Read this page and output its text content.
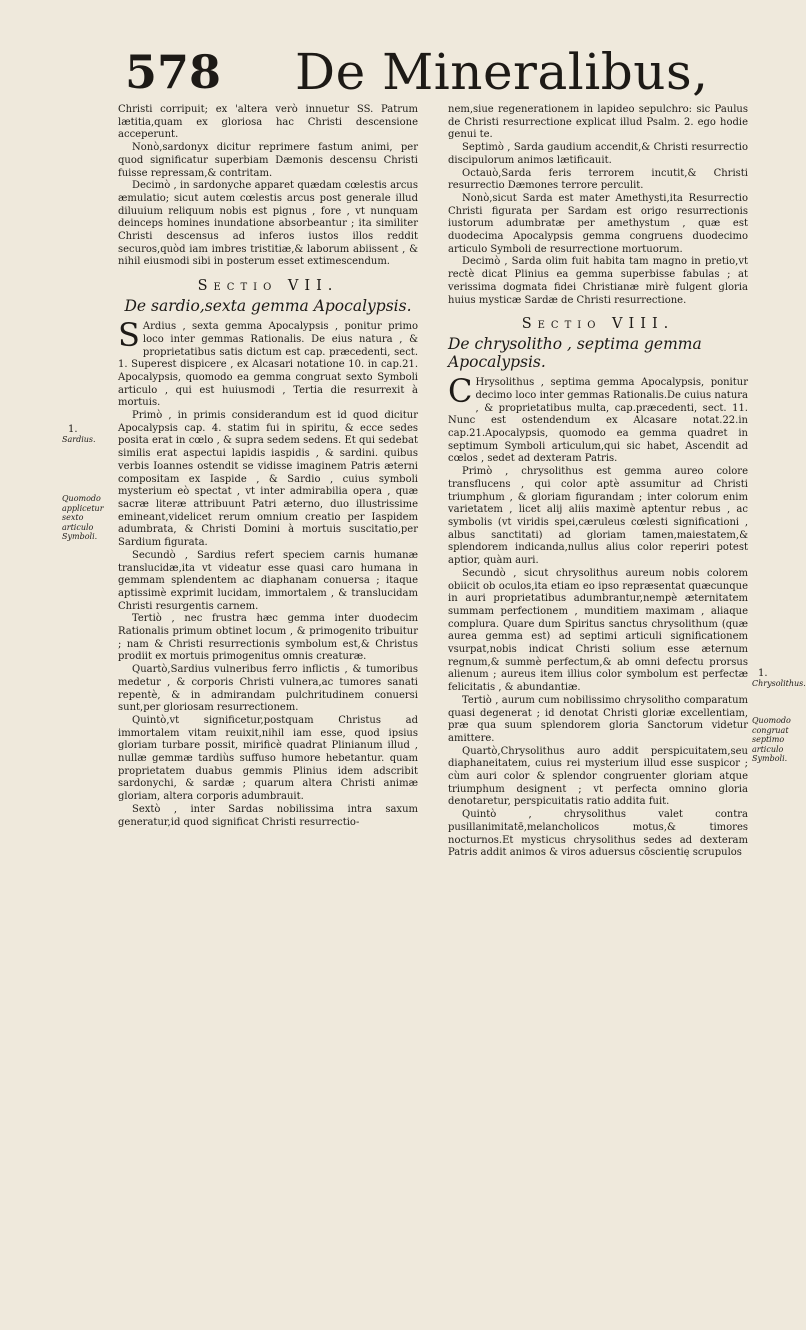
578 De Mineralibus,

Christi corripuit; ex 'altera verò innuetur SS. Patrum lætitia,quam ex gloriosa hac Christi descensione acceperunt.

Nonò,sardonyx dicitur reprimere fastum animi, per quod significatur superbiam Dæmonis descensu Christi fuisse repressam,& contritam.

Decimò , in sardonyche apparet quædam cœlestis arcus æmulatio; sicut autem cœlestis arcus post generale illud diluuium reliquum nobis est pignus , fore , vt nunquam deinceps homines inundatione absorbeantur ; ita similiter Christi descensus ad inferos iustos illos reddit securos,quòd iam imbres tristitiæ,& laborum abiissent , & nihil eiusmodi sibi in posterum esset extimescendum.

Sectio VII.
De sardio,sexta gemma Apocalypsis.

SArdius , sexta gemma Apocalypsis , ponitur primo loco inter gemmas Rationalis. De eius natura , & proprietatibus satis dictum est cap. præcedenti, sect. 1. Superest dispicere , ex Alcasari notatione 10. in cap.21. Apocalypsis, quomodo ea gemma congruat sexto Symboli articulo , qui est huiusmodi , Tertia die resurrexit à mortuis.

Primò , in primis considerandum est id quod dicitur Apocalypsis cap. 4. statim fui in spiritu, & ecce sedes posita erat in cœlo , & supra sedem sedens. Et qui sedebat similis erat aspectui lapidis iaspidis , & sardini. quibus verbis Ioannes ostendit se vidisse imaginem Patris æterni compositam ex Iaspide , & Sardio , cuius symboli mysterium eò spectat , vt inter admirabilia opera , quæ sacræ literæ attribuunt Patri æterno, duo illustrissime emineant,videlicet rerum omnium creatio per Iaspidem adumbrata, & Christi Domini à mortuis suscitatio,per Sardium figurata.

Secundò , Sardius refert speciem carnis humanæ translucidæ,ita vt videatur esse quasi caro humana in gemmam splendentem ac diaphanam conuersa ; itaque aptissimè exprimit lucidam, immortalem , & translucidam Christi resurgentis carnem.

Tertiò , nec frustra hæc gemma inter duodecim Rationalis primum obtinet locum , & primogenito tribuitur ; nam & Christi resurrectionis symbolum est,& Christus prodiit ex mortuis primogenitus omnis creaturæ.

Quartò,Sardius vulneribus ferro inflictis , & tumoribus medetur , & corporis Christi vulnera,ac tumores sanati repentè, & in admirandam pulchritudinem conuersi sunt,per gloriosam resurrectionem.

Quintò,vt significetur,postquam Christus ad immortalem vitam reuixit,nihil iam esse, quod ipsius gloriam turbare possit, mirificè quadrat Plinianum illud , nullæ gemmæ tardiùs suffuso humore hebetantur. quam proprietatem duabus gemmis Plinius idem adscribit sardonychi, & sardæ ; quarum altera Christi animæ gloriam, altera corporis adumbrauit.

Sextò , inter Sardas nobilissima intra saxum generatur,id quod significat Christi resurrectio-

1.
Sardius.
Quomodo applicetur sexto articulo Symboli.

nem,siue regenerationem in lapideo sepulchro: sic Paulus de Christi resurrectione explicat illud Psalm. 2. ego hodie genui te.

Septimò , Sarda gaudium accendit,& Christi resurrectio discipulorum animos lætificauit.

Octauò,Sarda feris terrorem incutit,& Christi resurrectio Dæmones terrore perculit.

Nonò,sicut Sarda est mater Amethysti,ita Resurrectio Christi figurata per Sardam est origo resurrectionis iustorum adumbratæ per amethystum , quæ est duodecima Apocalypsis gemma congruens duodecimo articulo Symboli de resurrectione mortuorum.

Decimò , Sarda olim fuit habita tam magno in pretio,vt rectè dicat Plinius ea gemma superbisse fabulas ; at verissima dogmata fidei Christianæ mirè fulgent gloria huius mysticæ Sardæ de Christi resurrectione.

Sectio VIII.
De chrysolitho , septima gemma Apocalypsis.

CHrysolithus , septima gemma Apocalypsis, ponitur decimo loco inter gemmas Rationalis.De cuius natura , & proprietatibus multa, cap.præcedenti, sect. 11. Nunc est ostendendum ex Alcasare notat.22.in cap.21.Apocalypsis, quomodo ea gemma quadret in septimum Symboli articulum,qui sic habet, Ascendit ad cœlos , sedet ad dexteram Patris.

Primò , chrysolithus est gemma aureo colore transflucens , qui color aptè assumitur ad Christi triumphum , & gloriam figurandam ; inter colorum enim varietatem , licet alij aliis maximè aptentur rebus , ac symbolis (vt viridis spei,cæruleus cœlesti significationi , albus sanctitati) ad gloriam tamen,maiestatem,& splendorem indicanda,nullus alius color reperiri potest aptior, quàm auri.

Secundò , sicut chrysolithus aureum nobis colorem obiicit ob oculos,ita etiam eo ipso repræsentat quæcunque in auri proprietatibus adumbrantur,nempè æternitatem summam perfectionem , munditiem maximam , aliaque complura. Quare dum Spiritus sanctus chrysolithum (quæ aurea gemma est) ad septimi articuli significationem vsurpat,nobis indicat Christi solium esse æternum regnum,& summè perfectum,& ab omni defectu prorsus alienum ; aureus item illius color symbolum est perfectæ felicitatis , & abundantiæ.

Tertiò , aurum cum nobilissimo chrysolitho comparatum quasi degenerat ; id denotat Christi gloriæ excellentiam, præ qua suum splendorem gloria Sanctorum videtur amittere.

Quartò,Chrysolithus auro addit perspicuitatem,seu diaphaneitatem, cuius rei mysterium illud esse suspicor ; cùm auri color & splendor congruenter gloriam atque triumphum designent ; vt perfecta omnino gloria denotaretur, perspicuitatis ratio addita fuit.

Quintò , chrysolithus valet contra pusillanimitatē,melancholicos motus,& timores nocturnos.Et mysticus chrysolithus sedes ad dexteram Patris addit animos & viros aduersus cōscientię scrupulos

1.
Chrysolithus.
Quomodo congruat septimo articulo Symboli.
